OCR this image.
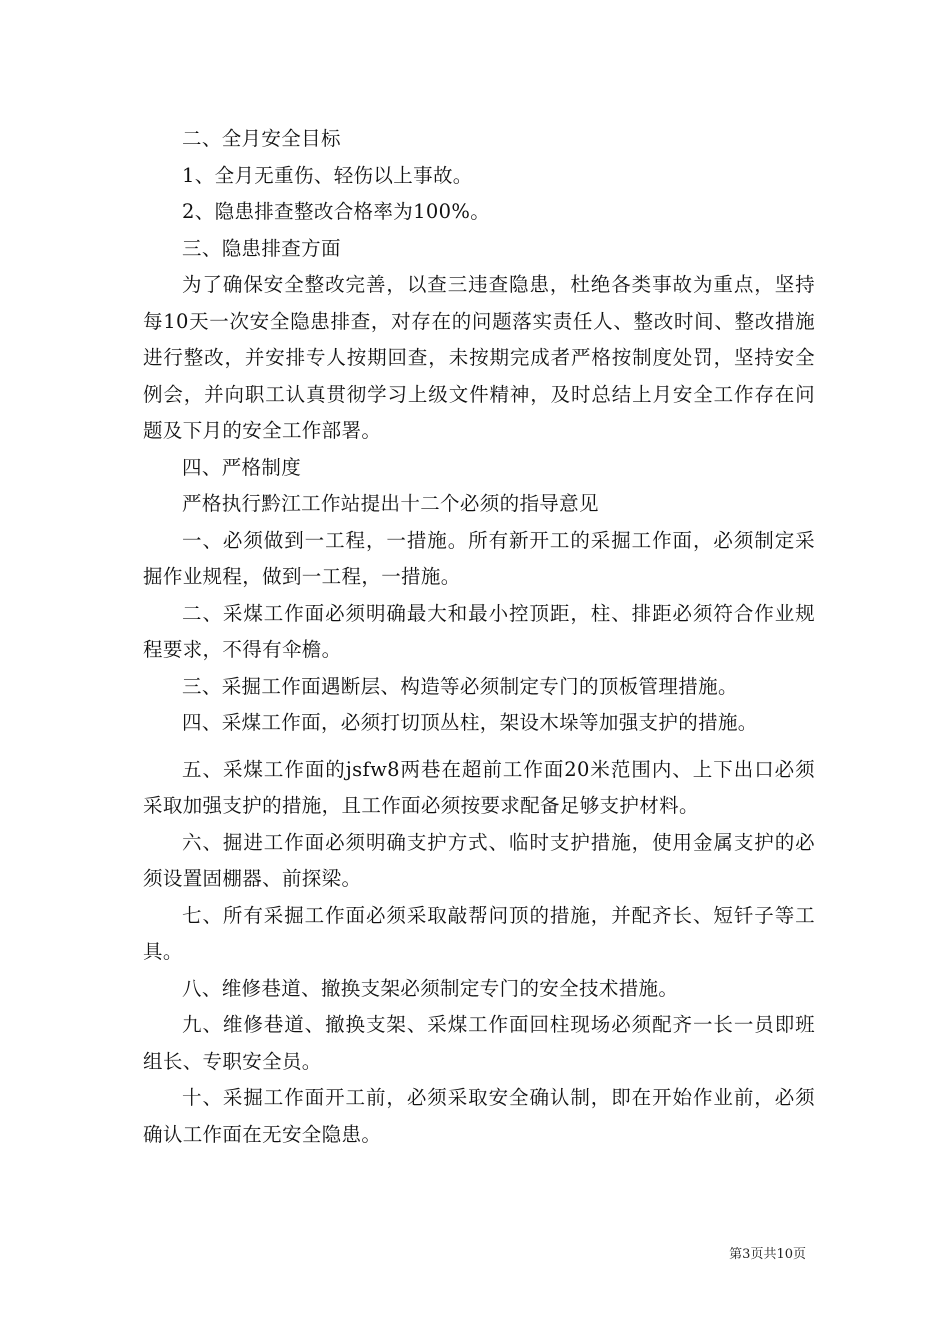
二、全月安全目标

1、全月无重伤、轻伤以上事故。

2、隐患排查整改合格率为100%。

三、隐患排查方面

为了确保安全整改完善，以查三违查隐患，杜绝各类事故为重点，坚持每10天一次安全隐患排查，对存在的问题落实责任人、整改时间、整改措施进行整改，并安排专人按期回查，未按期完成者严格按制度处罚，坚持安全例会，并向职工认真贯彻学习上级文件精神，及时总结上月安全工作存在问题及下月的安全工作部署。

四、严格制度

严格执行黔江工作站提出十二个必须的指导意见

一、必须做到一工程，一措施。所有新开工的采掘工作面，必须制定采掘作业规程，做到一工程，一措施。

二、采煤工作面必须明确最大和最小控顶距，柱、排距必须符合作业规程要求，不得有伞檐。

三、采掘工作面遇断层、构造等必须制定专门的顶板管理措施。

四、采煤工作面，必须打切顶丛柱，架设木垛等加强支护的措施。

五、采煤工作面的jsfw8两巷在超前工作面20米范围内、上下出口必须采取加强支护的措施，且工作面必须按要求配备足够支护材料。

六、掘进工作面必须明确支护方式、临时支护措施，使用金属支护的必须设置固棚器、前探梁。

七、所有采掘工作面必须采取敲帮问顶的措施，并配齐长、短钎子等工具。

八、维修巷道、撤换支架必须制定专门的安全技术措施。

九、维修巷道、撤换支架、采煤工作面回柱现场必须配齐一长一员即班组长、专职安全员。

十、采掘工作面开工前，必须采取安全确认制，即在开始作业前，必须确认工作面在无安全隐患。

第3页共10页
